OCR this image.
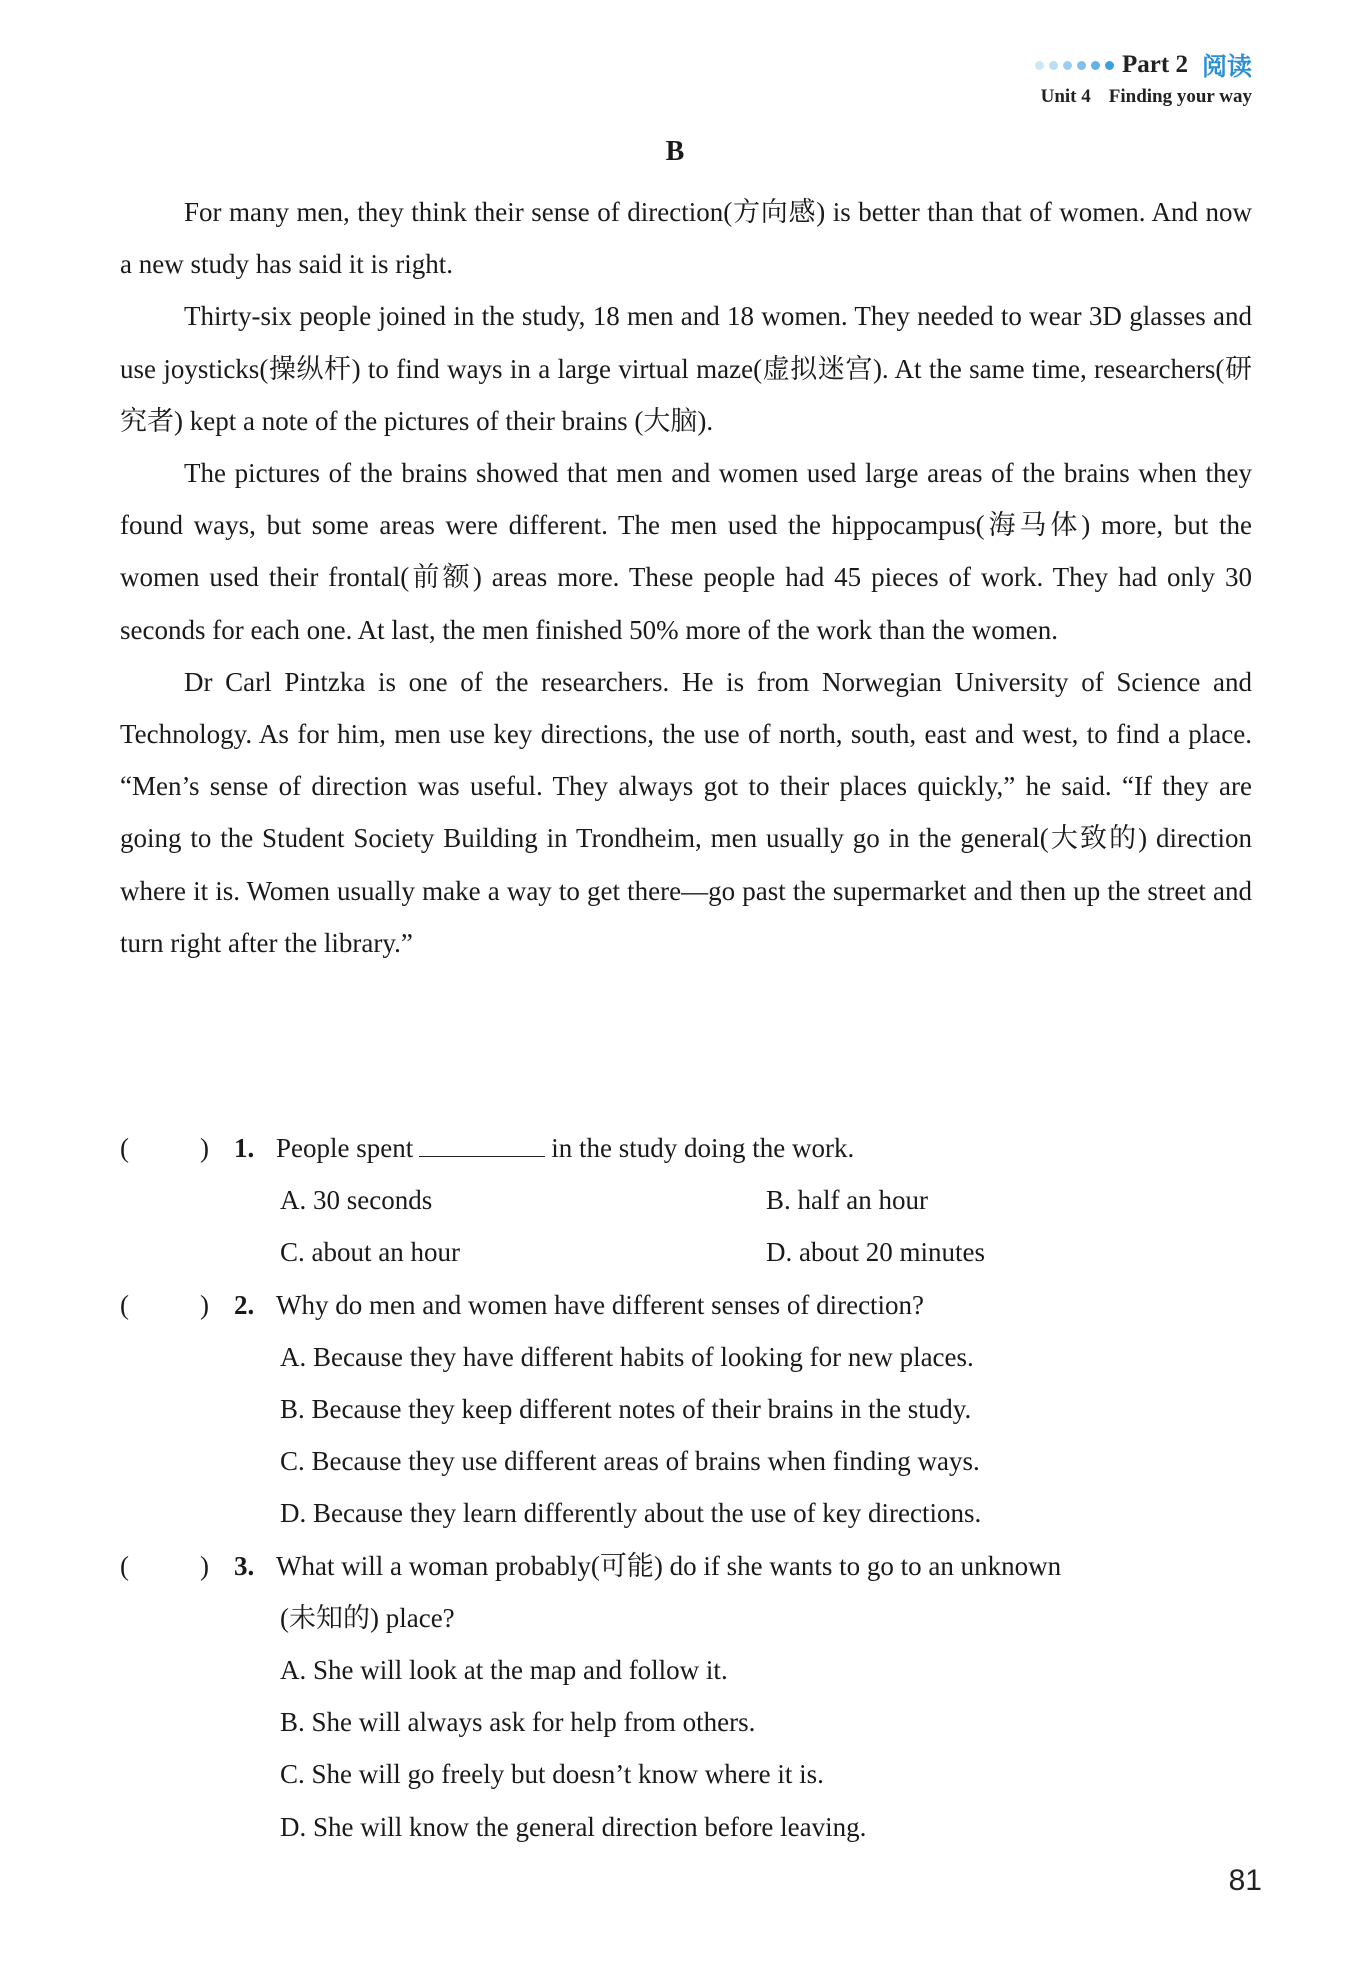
Part 2 阅读
Unit 4 Finding your way
B

For many men, they think their sense of direction(方向感) is better than that of women. And now a new study has said it is right.

Thirty-six people joined in the study, 18 men and 18 women. They needed to wear 3D glasses and use joysticks(操纵杆) to find ways in a large virtual maze(虚拟迷宫). At the same time, researchers(研究者) kept a note of the pictures of their brains (大脑).

The pictures of the brains showed that men and women used large areas of the brains when they found ways, but some areas were different. The men used the hippocampus(海马体) more, but the women used their frontal(前额) areas more. These people had 45 pieces of work. They had only 30 seconds for each one. At last, the men finished 50% more of the work than the women.

Dr Carl Pintzka is one of the researchers. He is from Norwegian University of Science and Technology. As for him, men use key directions, the use of north, south, east and west, to find a place. “Men’s sense of direction was useful. They always got to their places quickly,” he said. “If they are going to the Student Society Building in Trondheim, men usually go in the general(大致的) direction where it is. Women usually make a way to get there—go past the supermarket and then up the street and turn right after the library.”

(	) 1. People spent	in the study doing the work.
A. 30 seconds	B. half an hour
C. about an hour	D. about 20 minutes
(	) 2. Why do men and women have different senses of direction?
A. Because they have different habits of looking for new places.
B. Because they keep different notes of their brains in the study.
C. Because they use different areas of brains when finding ways.
D. Because they learn differently about the use of key directions.
(	) 3. What will a woman probably(可能) do if she wants to go to an unknown
(未知的) place?
A. She will look at the map and follow it.
B. She will always ask for help from others.
C. She will go freely but doesn’t know where it is.
D. She will know the general direction before leaving.
81
